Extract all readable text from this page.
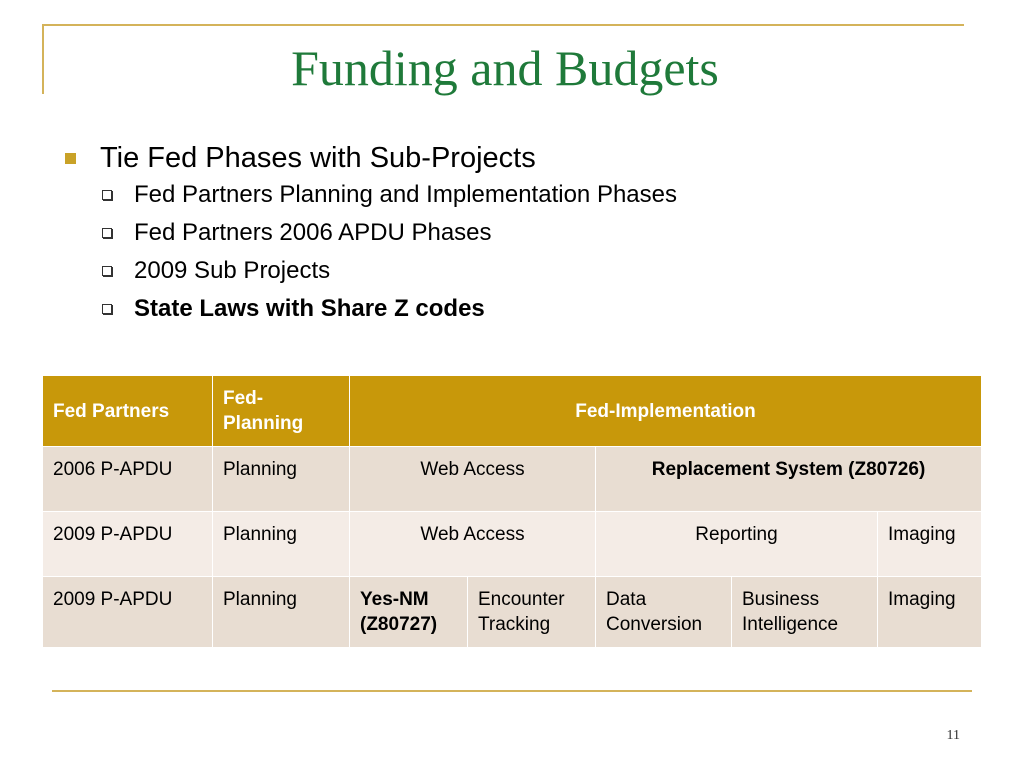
Funding and Budgets
Tie Fed Phases with Sub-Projects
Fed Partners Planning and Implementation Phases
Fed Partners 2006 APDU Phases
2009 Sub Projects
State Laws with Share Z codes
Fed Partners	Fed-Planning	Fed-Implementation				
2006 P-APDU	Planning	Web Access		Replacement System (Z80726)		
2009 P-APDU	Planning	Web Access		Reporting		Imaging
2009 P-APDU	Planning	Yes-NM (Z80727)	Encounter Tracking	Data Conversion	Business Intelligence	Imaging
11
